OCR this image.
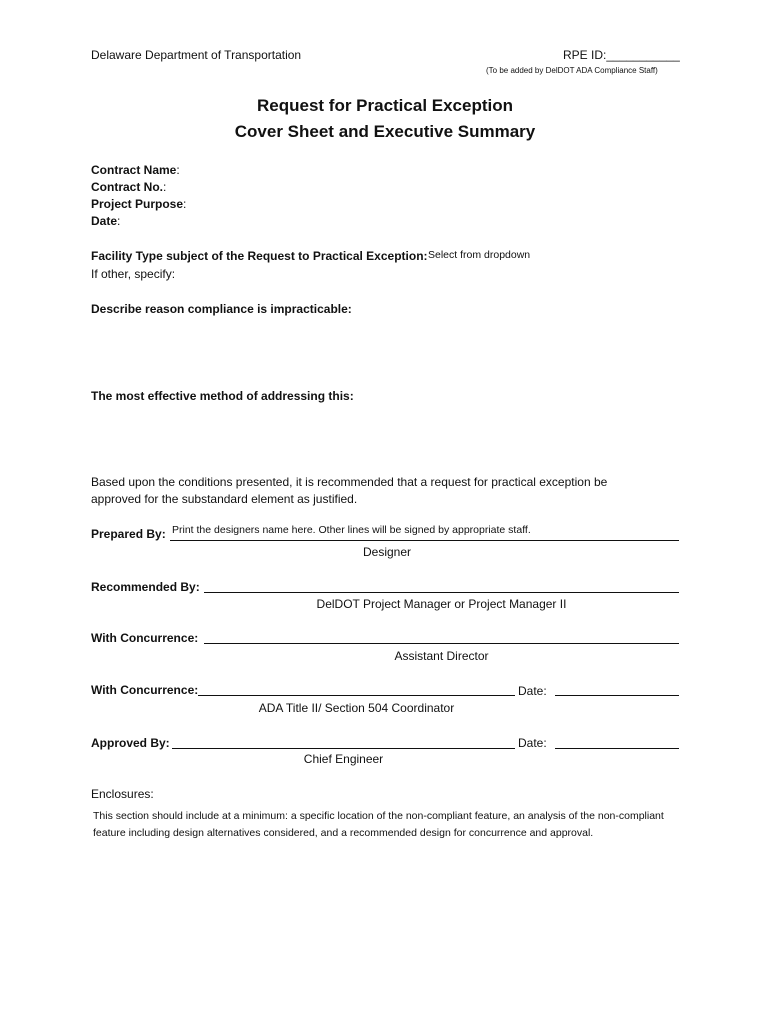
Delaware Department of Transportation	RPE ID:___________
(To be added by DelDOT ADA Compliance Staff)
Request for Practical Exception
Cover Sheet and Executive Summary
Contract Name:
Contract No.:
Project Purpose:
Date:
Facility Type subject of the Request to Practical Exception: Select from dropdown
If other, specify:
Describe reason compliance is impracticable:
The most effective method of addressing this:
Based upon the conditions presented, it is recommended that a request for practical exception be
approved for the substandard element as justified.
Prepared By: Print the designers name here. Other lines will be signed by appropriate staff.
Designer
Recommended By:
DelDOT Project Manager or Project Manager II
With Concurrence:
Assistant Director
With Concurrence:	Date:
ADA Title II/ Section 504 Coordinator
Approved By:	Date:
Chief Engineer
Enclosures:
This section should include at a minimum: a specific location of the non-compliant feature, an analysis of the non-compliant feature including design alternatives considered, and a recommended design for concurrence and approval.
